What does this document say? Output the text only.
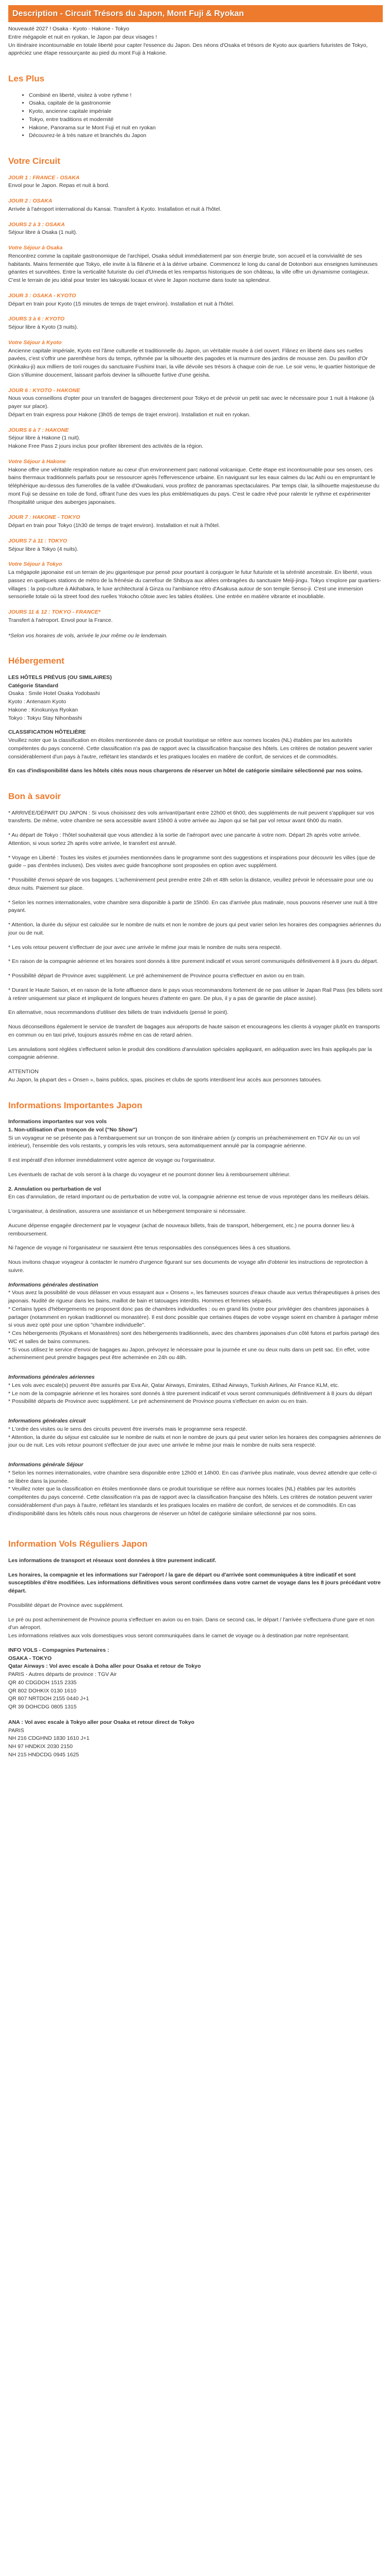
Description - Circuit Trésors du Japon, Mont Fuji & Ryokan

Nouveauté 2027 ! Osaka - Kyoto - Hakone - Tokyo

Entre mégapole et nuit en ryokan, le Japon par deux visages !

Un itinéraire incontournable en totale liberté pour capter l'essence du Japon. Des néons d'Osaka et trésors de Kyoto aux quartiers futuristes de Tokyo, appréciez une étape ressourçante au pied du mont Fuji à Hakone.

Les Plus
• Combiné en liberté, visitez à votre rythme !
• Osaka, capitale de la gastronomie
• Kyoto, ancienne capitale impériale
• Tokyo, entre traditions et modernité
• Hakone, Panorama sur le Mont Fuji et nuit en ryokan
• Découvrez-le à très nature et branchés du Japon
Votre Circuit

JOUR 1 : FRANCE - OSAKA

Envol pour le Japon. Repas et nuit à bord.

JOUR 2 : OSAKA

Arrivée à l'aéroport international du Kansai. Transfert à Kyoto. Installation et nuit à l'hôtel.

JOURS 2 à 3 : OSAKA

Séjour libre à Osaka (1 nuit).

Votre Séjour à Osaka

Rencontrez comme la capitale gastronomique de l'archipel, Osaka séduit immédiatement par son énergie brute, son accueil et la convivialité de ses habitants. Mains fermentée que Tokyo, elle invite à la flânerie et à la dérive urbaine. Commencez le long du canal de Dotonbori aux enseignes lumineuses géantes et survoltées. Entre la verticalité futuriste du ciel d'Umeda et les rempartss historiques de son château, la ville offre un dynamisme contagieux. C'est le terrain de jeu idéal pour tester les takoyaki locaux et vivre le Japon nocturne dans toute sa splendeur.

JOUR 3 : OSAKA - KYOTO

Départ en train pour Kyoto (15 minutes de temps de trajet environ). Installation et nuit à l'hôtel.

JOURS 3 à 6 : KYOTO

Séjour libre à Kyoto (3 nuits).

Votre Séjour à Kyoto

Ancienne capitale impériale, Kyoto est l'âme culturelle et traditionnelle du Japon, un véritable musée à ciel ouvert. Flânez en liberté dans ses ruelles pavées, c'est s'offrir une parenthèse hors du temps, rythmée par la silhouette des pagodes et la murmure des jardins de mousse zen. Du pavillon d'Or (Kinkaku-ji) aux milliers de torii rouges du sanctuaire Fushimi Inari, la ville dévoile ses trésors à chaque coin de rue. Le soir venu, le quartier historique de Gion s'illumine doucement, laissant parfois deviner la silhouette furtive d'une geisha.

JOUR 6 : KYOTO - HAKONE

Nous vous conseillons d'opter pour un transfert de bagages directement pour Tokyo et de prévoir un petit sac avec le nécessaire pour 1 nuit à Hakone (à payer sur place).

Départ en train express pour Hakone (3h05 de temps de trajet environ). Installation et nuit en ryokan.

JOURS 6 à 7 : HAKONE

Séjour libre à Hakone (1 nuit).

Hakone Free Pass 2 jours inclus pour profiter librement des activités de la région.

Votre Séjour à Hakone

Hakone offre une véritable respiration nature au cœur d'un environnement parc national volcanique. Cette étape est incontournable pour ses onsen, ces bains thermaux traditionnels parfaits pour se ressourcer après l'effervescence urbaine. En naviguant sur les eaux calmes du lac Ashi ou en empruntant le téléphérique au-dessus des fumerolles de la vallée d'Owakudani, vous profitez de panoramas spectaculaires. Par temps clair, la silhouette majestueuse du mont Fuji se dessine en toile de fond, offrant l'une des vues les plus emblématiques du pays. C'est le cadre rêvé pour ralentir le rythme et expérimenter l'hospitalité unique des auberges japonaises.

JOUR 7 : HAKONE - TOKYO

Départ en train pour Tokyo (1h30 de temps de trajet environ). Installation et nuit à l'hôtel.

JOURS 7 à 11 : TOKYO

Séjour libre à Tokyo (4 nuits).

Votre Séjour à Tokyo

La mégapole japonaise est un terrain de jeu gigantesque pur pensé pour pourtant à conjuguer le futur futuriste et la sérénité ancestrale. En liberté, vous passez en quelques stations de métro de la frénésie du carrefour de Shibuya aux allées ombragées du sanctuaire Meiji-jingu. Tokyo s'explore par quartiers-villages : la pop-culture à Akihabara, le luxe architectural à Ginza ou l'ambiance rétro d'Asakusa autour de son temple Senso-ji. C'est une immersion sensorielle totale où la street food des ruelles Yokocho côtoie avec les tables étoilées. Une entrée en matière vibrante et inoubliable.

JOURS 11 & 12 : TOKYO - FRANCE*

Transfert à l'aéroport. Envol pour la France.

*Selon vos horaires de vols, arrivée le jour même ou le lendemain.

Hébergement
LES HÔTELS PRÉVUS (OU SIMILAIRES)
Catégorie Standard
Osaka : Smile Hotel Osaka Yodobashi
Kyoto : Antenasm Kyoto
Hakone : Kinokuniya Ryokan
Tokyo : Tokyu Stay Nihonbashi
CLASSIFICATION HÔTELIÈRE

Veuillez noter que la classification en étoiles mentionnée dans ce produit touristique se réfère aux normes locales (NL) établies par les autorités compétentes du pays concerné. Cette classification n'a pas de rapport avec la classification française des hôtels. Les critères de notation peuvent varier considérablement d'un pays à l'autre, reflétant les standards et les pratiques locales en matière de confort, de services et de commodités.

En cas d'indisponibilité dans les hôtels cités nous nous chargerons de réserver un hôtel de catégorie similaire sélectionné par nos soins.

Bon à savoir

* ARRIVÉE/DÉPART DU JAPON : Si vous choisissez des vols arrivant/partant entre 22h00 et 6h00, des suppléments de nuit peuvent s'appliquer sur vos transferts. De même, votre chambre ne sera accessible avant 15h00 à votre arrivée au Japon qui se fait par vol retour avant 6h00 du matin.

* Au départ de Tokyo : l'hôtel souhaiterait que vous attendiez à la sortie de l'aéroport avec une pancarte à votre nom. Départ 2h après votre arrivée. Attention, si vous sortez 2h après votre arrivée, le transfert est annulé.

* Voyage en Liberté : Toutes les visites et journées mentionnées dans le programme sont des suggestions et inspirations pour découvrir les villes (que de guide – pas d'entrées incluses). Des visites avec guide francophone sont proposées en option avec supplément.

* Possibilité d'envoi séparé de vos bagages. L'acheminement peut prendre entre 24h et 48h selon la distance, veuillez prévoir le nécessaire pour une ou deux nuits. Paiement sur place.

* Selon les normes internationales, votre chambre sera disponible à partir de 15h00. En cas d'arrivée plus matinale, nous pouvons réserver une nuit à titre payant.

* Attention, la durée du séjour est calculée sur le nombre de nuits et non le nombre de jours qui peut varier selon les horaires des compagnies aériennes du jour ou de nuit.

* Les vols retour peuvent s'effectuer de jour avec une arrivée le même jour mais le nombre de nuits sera respecté.

* En raison de la compagnie aérienne et les horaires sont donnés à titre purement indicatif et vous seront communiqués définitivement à 8 jours du départ.

* Possibilité départ de Province avec supplément. Le pré acheminement de Province pourra s'effectuer en avion ou en train.

* Durant le Haute Saison, et en raison de la forte affluence dans le pays vous recommandons fortement de ne pas utiliser le Japan Rail Pass (les billets sont à retirer uniquement sur place et impliquent de longues heures d'attente en gare. De plus, il y a pas de garantie de place assise).

En alternative, nous recommandons d'utiliser des billets de train individuels (pensé le point).

Nous déconseillons également le service de transfert de bagages aux aéroports de haute saison et encourageons les clients à voyager plutôt en transports en commun ou en taxi privé, toujours assurés même en cas de retard aérien.

Les annulations sont réglées s'effectuent selon le produit des conditions d'annulation spéciales appliquant, en adéquation avec les frais appliqués par la compagnie aérienne.

ATTENTION

Au Japon, la plupart des « Onsen », bains publics, spas, piscines et clubs de sports interdisent leur accès aux personnes tatouées.

Informations Importantes Japon

Informations importantes sur vos vols

1. Non-utilisation d'un tronçon de vol ("No Show")

Si un voyageur ne se présente pas à l'embarquement sur un tronçon de son itinéraire aérien (y compris un préacheminement en TGV Air ou un vol intérieur), l'ensemble des vols restants, y compris les vols retours, sera automatiquement annulé par la compagnie aérienne.

Il est impératif d'en informer immédiatement votre agence de voyage ou l'organisateur.

Les éventuels de rachat de vols seront à la charge du voyageur et ne pourront donner lieu à remboursement ultérieur.

2. Annulation ou perturbation de vol

En cas d'annulation, de retard important ou de perturbation de votre vol, la compagnie aérienne est tenue de vous reprotéger dans les meilleurs délais.

L'organisateur, à destination, assurera une assistance et un hébergement temporaire si nécessaire.

Aucune dépense engagée directement par le voyageur (achat de nouveaux billets, frais de transport, hébergement, etc.) ne pourra donner lieu à remboursement.

Ni l'agence de voyage ni l'organisateur ne sauraient être tenus responsables des conséquences liées à ces situations.

Nous invitons chaque voyageur à contacter le numéro d'urgence figurant sur ses documents de voyage afin d'obtenir les instructions de reprotection à suivre.

Informations générales destination

* Vous avez la possibilité de vous délasser en vous essayant aux « Onsens », les fameuses sources d'eaux chaude aux vertus thérapeutiques à prises des japonais. Nudité de rigueur dans les bains, maillot de bain et tatouages interdits. Hommes et femmes séparés.

* Certains types d'hébergements ne proposent donc pas de chambres individuelles : ou en grand lits (notre pour privilégier des chambres japonaises à partager (notamment en ryokan traditionnel ou monastère). Il est donc possible que certaines étapes de votre voyage soient en chambre à partager même si vous avez opté pour une option "chambre individuelle".

* Ces hébergements (Ryokans et Monastères) sont des hébergements traditionnels, avec des chambres japonaises d'un côté futons et parfois partagé des WC et salles de bains communes.

* Si vous utilisez le service d'envoi de bagages au Japon, prévoyez le nécessaire pour la journée et une ou deux nuits dans un petit sac. En effet, votre acheminement peut prendre bagages peut être acheminée en 24h ou 48h.

Informations générales aériennes

* Les vols avec escale(s) peuvent être assurés par Eva Air, Qatar Airways, Emirates, Etihad Airways, Turkish Airlines, Air France KLM, etc.

* Le nom de la compagnie aérienne et les horaires sont donnés à titre purement indicatif et vous seront communiqués définitivement à 8 jours du départ

* Possibilité départs de Province avec supplément. Le pré acheminement de Province pourra s'effectuer en avion ou en train.

Informations générales circuit

* L'ordre des visites ou le sens des circuits peuvent être inversés mais le programme sera respecté.

* Attention, la durée du séjour est calculée sur le nombre de nuits et non le nombre de jours qui peut varier selon les horaires des compagnies aériennes de jour ou de nuit. Les vols retour pourront s'effectuer de jour avec une arrivée le même jour mais le nombre de nuits sera respecté.

Informations générale Séjour

* Selon les normes internationales, votre chambre sera disponible entre 12h00 et 14h00. En cas d'arrivée plus matinale, vous devrez attendre que celle-ci se libère dans la journée.

* Veuillez noter que la classification en étoiles mentionnée dans ce produit touristique se réfère aux normes locales (NL) établies par les autorités compétentes du pays concerné. Cette classification n'a pas de rapport avec la classification française des hôtels. Les critères de notation peuvent varier considérablement d'un pays à l'autre, reflétant les standards et les pratiques locales en matière de confort, de services et de commodités. En cas d'indisponibilité dans les hôtels cités nous nous chargerons de réserver un hôtel de catégorie similaire sélectionné par nos soins.

Information Vols Réguliers Japon

Les informations de transport et réseaux sont données à titre purement indicatif.

Les horaires, la compagnie et les informations sur l'aéroport / la gare de départ ou d'arrivée sont communiquées à titre indicatif et sont susceptibles d'être modifiées. Les informations définitives vous seront confirmées dans votre carnet de voyage dans les 8 jours précédant votre départ.

Possibilité départ de Province avec supplément.

Le pré ou post acheminement de Province pourra s'effectuer en avion ou en train. Dans ce second cas, le départ / l'arrivée s'effectuera d'une gare et non d'un aéroport.

Les informations relatives aux vols domestiques vous seront communiquées dans le carnet de voyage ou à destination par notre représentant.

INFO VOLS - Compagnies Partenaires :
OSAKA - TOKYO
Qatar Airways : Vol avec escale à Doha aller pour Osaka et retour de Tokyo
PARIS - Autres départs de province : TGV Air
QR 40 CDGDOH 1515 2335
QR 802 DOHKIX 0130 1610
QR 807 NRTDOH 2155 0440 J+1
QR 39 DOHCDG 0805 1315
ANA : Vol avec escale à Tokyo aller pour Osaka et retour direct de Tokyo
PARIS
NH 216 CDGHND 1830 1610 J+1
NH 97 HNDKIX 2030 2150
NH 215 HNDCDG 0945 1625
